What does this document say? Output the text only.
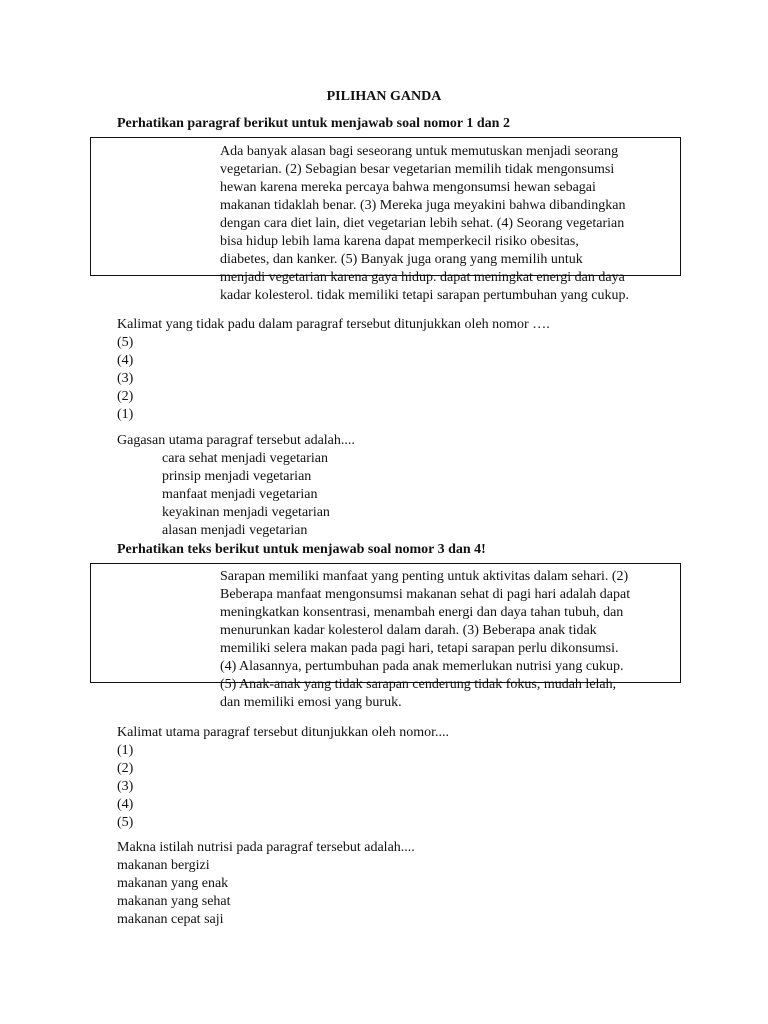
PILIHAN GANDA
Perhatikan paragraf berikut untuk menjawab soal nomor 1 dan 2
Ada banyak alasan bagi seseorang untuk memutuskan menjadi seorang
vegetarian. (2) Sebagian besar vegetarian memilih tidak mengonsumsi
hewan karena mereka percaya bahwa mengonsumsi hewan sebagai
makanan tidaklah benar. (3) Mereka juga meyakini bahwa dibandingkan
dengan cara diet lain, diet vegetarian lebih sehat. (4) Seorang vegetarian
bisa hidup lebih lama karena dapat memperkecil risiko obesitas,
diabetes, dan kanker. (5) Banyak juga orang yang memilih untuk
menjadi vegetarian karena gaya hidup. dapat meningkat energi dan daya
kadar kolesterol. tidak memiliki tetapi sarapan pertumbuhan yang cukup.
Kalimat yang tidak padu dalam paragraf tersebut ditunjukkan oleh nomor ….
(5)
(4)
(3)
(2)
(1)
Gagasan utama paragraf tersebut adalah....
cara sehat menjadi vegetarian
prinsip menjadi vegetarian
manfaat menjadi vegetarian
keyakinan menjadi vegetarian
alasan menjadi vegetarian
Perhatikan teks berikut untuk menjawab soal nomor 3 dan 4!
Sarapan memiliki manfaat yang penting untuk aktivitas dalam sehari. (2)
Beberapa manfaat mengonsumsi makanan sehat di pagi hari adalah dapat
meningkatkan konsentrasi, menambah energi dan daya tahan tubuh, dan
menurunkan kadar kolesterol dalam darah. (3) Beberapa anak tidak
memiliki selera makan pada pagi hari, tetapi sarapan perlu dikonsumsi.
(4) Alasannya, pertumbuhan pada anak memerlukan nutrisi yang cukup.
(5) Anak-anak yang tidak sarapan cenderung tidak fokus, mudah lelah,
dan memiliki emosi yang buruk.
Kalimat utama paragraf tersebut ditunjukkan oleh nomor....
(1)
(2)
(3)
(4)
(5)
Makna istilah nutrisi pada paragraf tersebut adalah....
makanan bergizi
makanan yang enak
makanan yang sehat
makanan cepat saji
